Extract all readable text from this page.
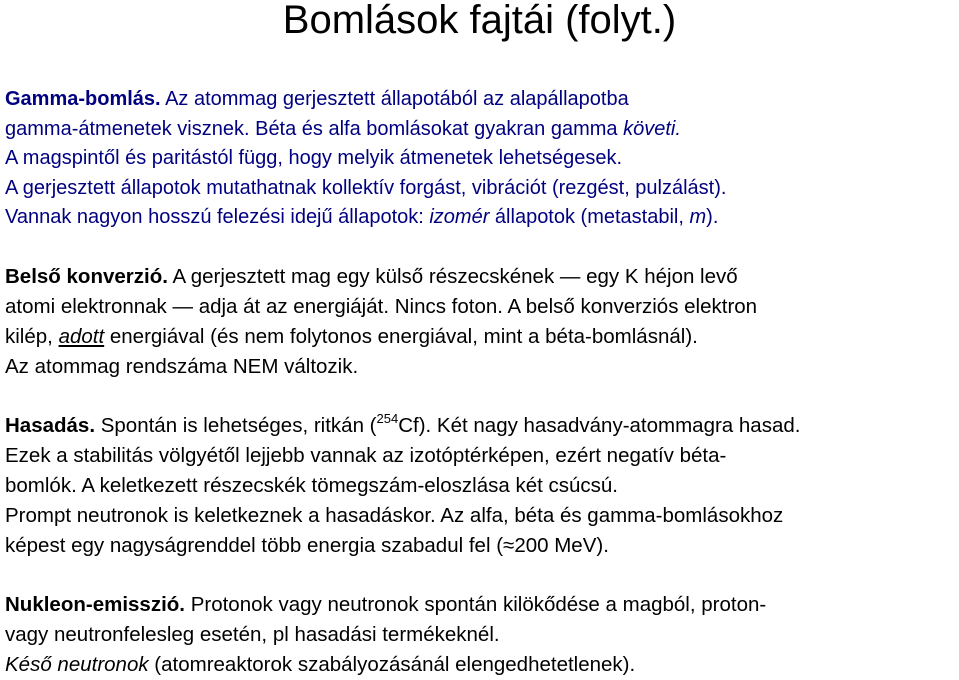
Bomlások fajtái (folyt.)
Gamma-bomlás. Az atommag gerjesztett állapotából az alapállapotba
gamma-átmenetek visznek. Béta és alfa bomlásokat gyakran gamma követi.
A magspintől és paritástól függ, hogy melyik átmenetek lehetségesek.
A gerjesztett állapotok mutathatnak kollektív forgást, vibrációt (rezgést, pulzálást).
Vannak nagyon hosszú felezési idejű állapotok: izomér állapotok (metastabil, m).
Belső konverzió. A gerjesztett mag egy külső részecskének — egy K héjon levő
atomi elektronnak — adja át az energiáját. Nincs foton. A belső konverziós elektron
kilép, adott energiával (és nem folytonos energiával, mint a béta-bomlásnál).
Az atommag rendszáma NEM változik.
Hasadás. Spontán is lehetséges, ritkán ($^{254}$Cf). Két nagy hasadvány-atommagra hasad.
Ezek a stabilitás völgyétől lejjebb vannak az izotóptérképen, ezért negatív béta-
bomlók. A keletkezett részecskék tömegszám-eloszlása két csúcsú.
Prompt neutronok is keletkeznek a hasadáskor. Az alfa, béta és gamma-bomlásokhoz
képest egy nagyságrenddel több energia szabadul fel (≈200 MeV).
Nukleon-emisszió. Protonok vagy neutronok spontán kilökődése a magból, proton-
vagy neutronfelesleg esetén, pl hasadási termékeknél.
Késő neutronok (atomreaktorok szabályozásánál elengedhetetlenek).
